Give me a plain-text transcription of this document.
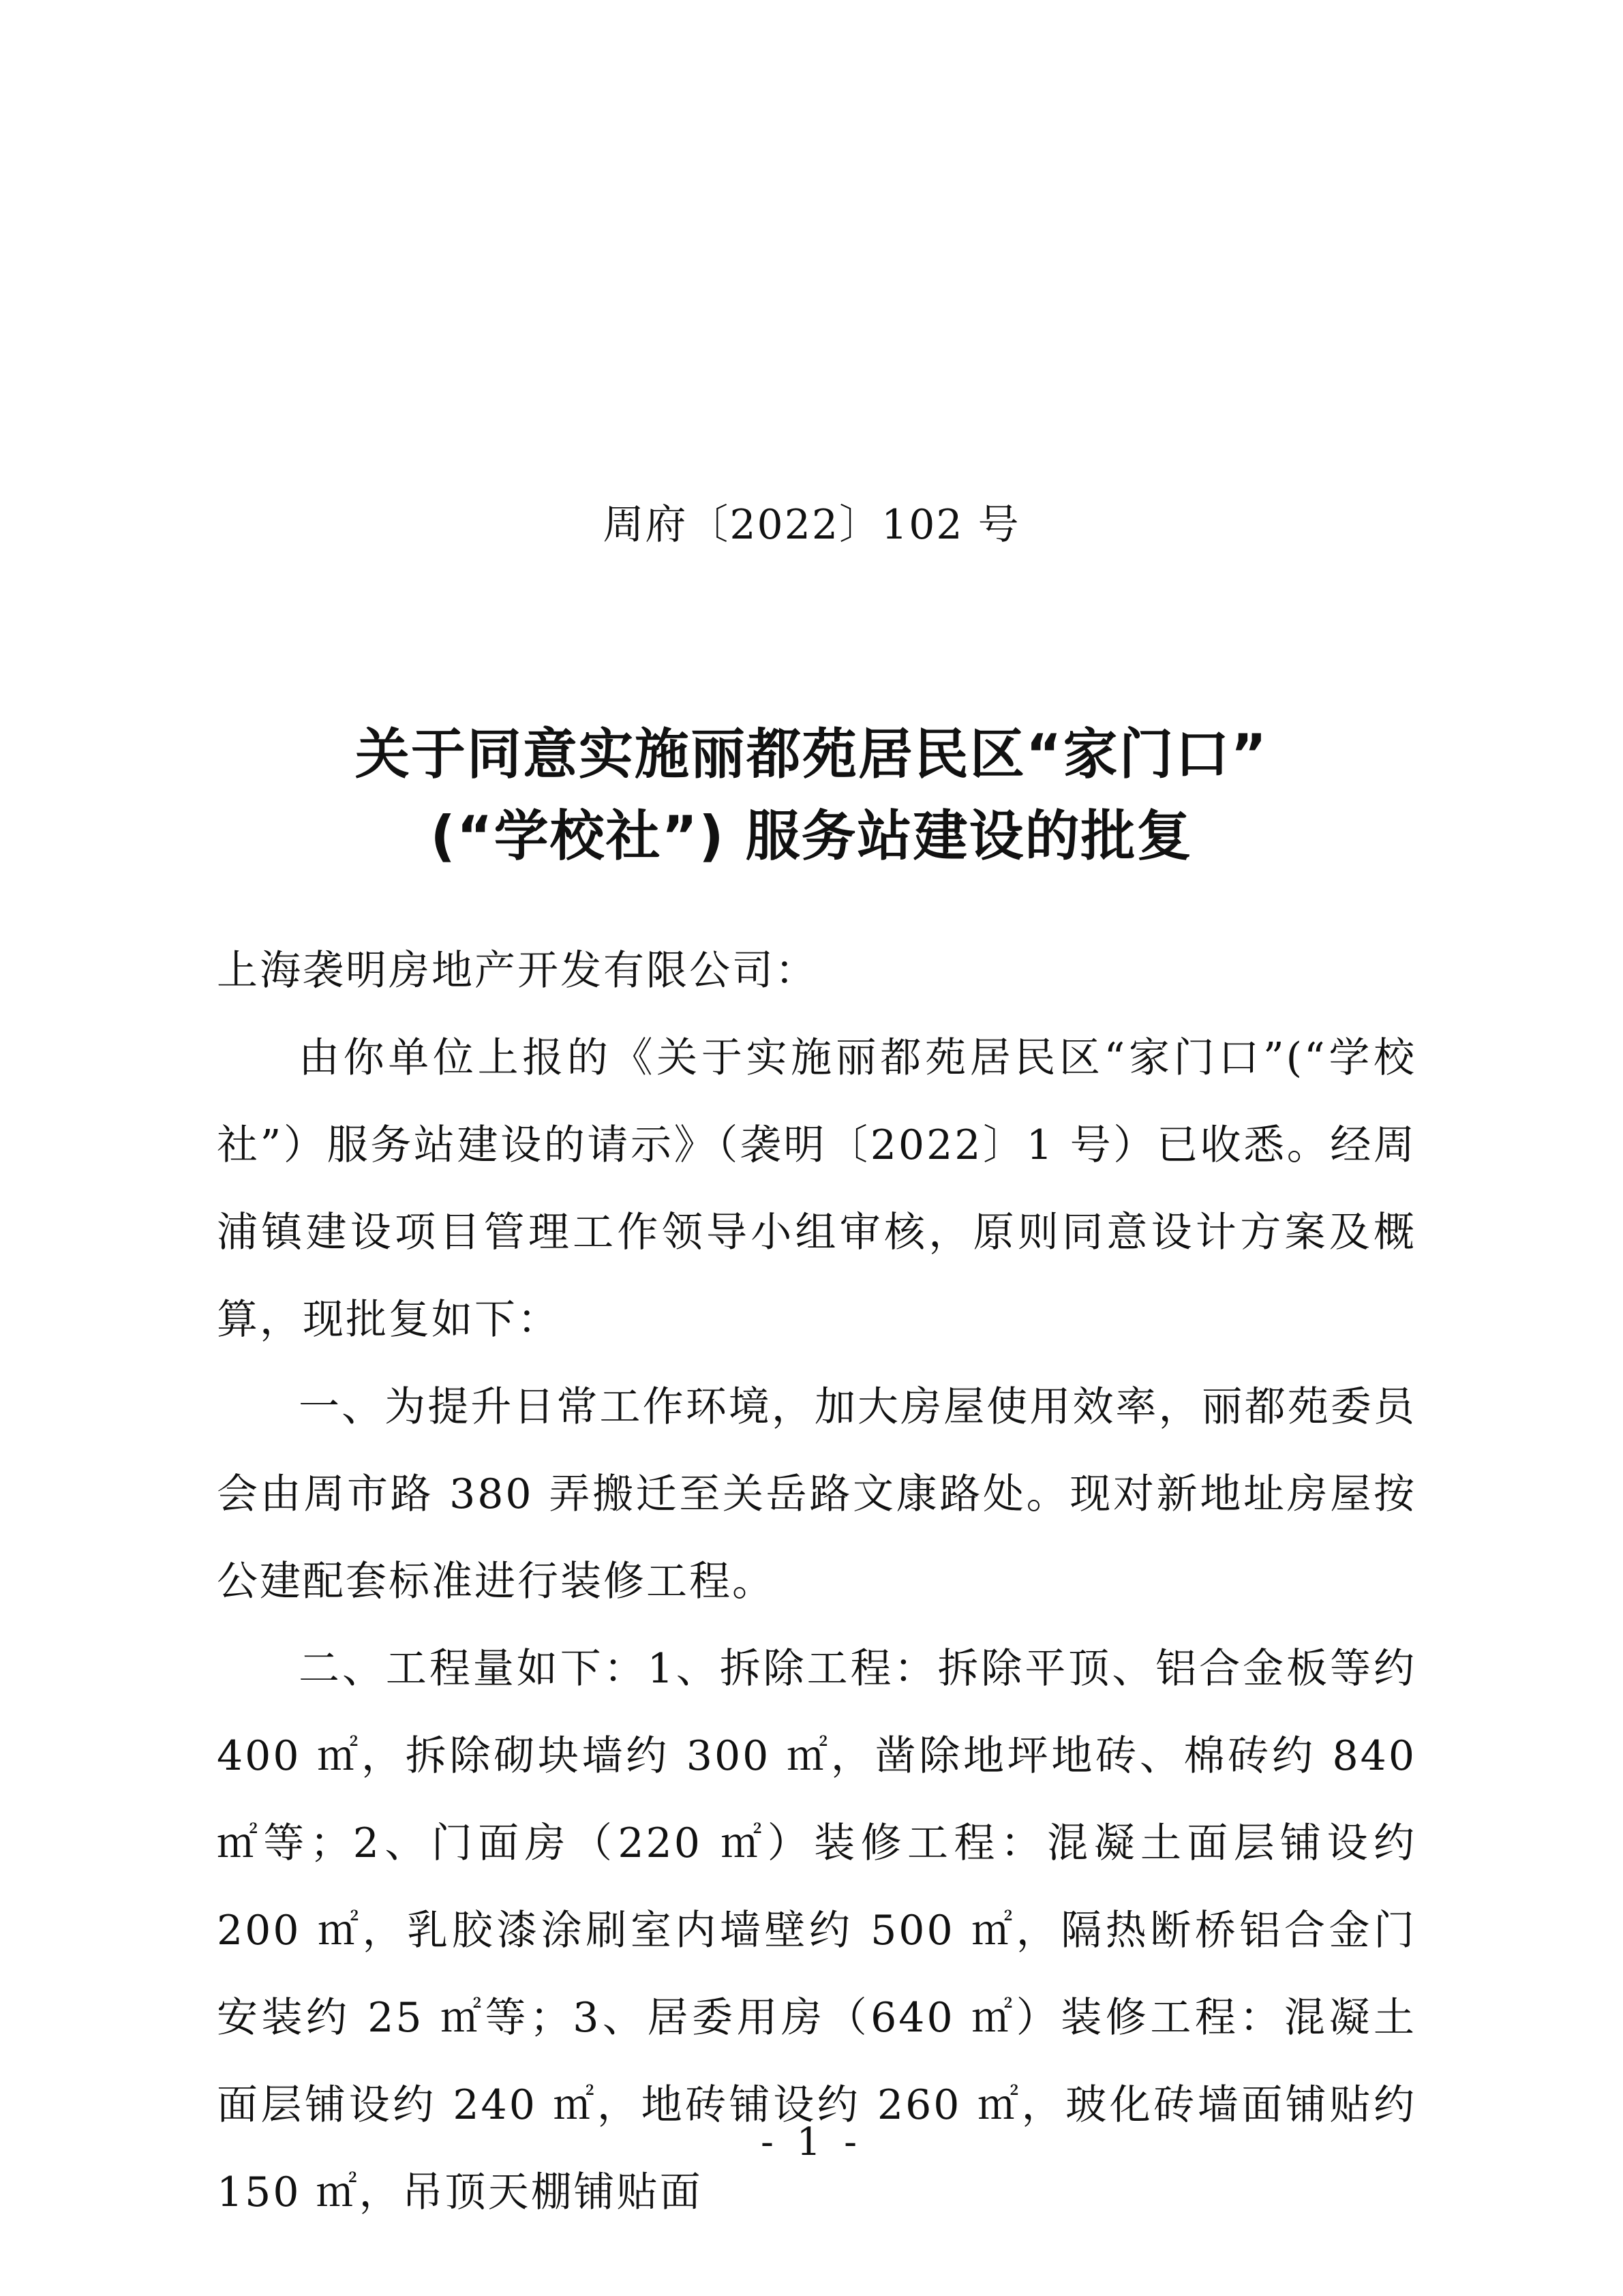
周府〔2022〕102 号
关于同意实施丽都苑居民区“家门口”
(“学校社”) 服务站建设的批复

上海袭明房地产开发有限公司：

由你单位上报的《关于实施丽都苑居民区“家门口”(“学校社”）服务站建设的请示》（袭明〔2022〕1 号）已收悉。经周浦镇建设项目管理工作领导小组审核，原则同意设计方案及概算，现批复如下：

一、为提升日常工作环境，加大房屋使用效率，丽都苑委员会由周市路 380 弄搬迁至关岳路文康路处。现对新地址房屋按公建配套标准进行装修工程。

二、工程量如下：1、拆除工程：拆除平顶、铝合金板等约 400 ㎡，拆除砌块墙约 300 ㎡，凿除地坪地砖、棉砖约 840 ㎡等；2、门面房（220 ㎡）装修工程：混凝土面层铺设约 200 ㎡，乳胶漆涂刷室内墙壁约 500 ㎡，隔热断桥铝合金门安装约 25 ㎡等；3、居委用房（640 ㎡）装修工程：混凝土面层铺设约 240 ㎡，地砖铺设约 260 ㎡，玻化砖墙面铺贴约 150 ㎡，吊顶天棚铺贴面

- 1 -
